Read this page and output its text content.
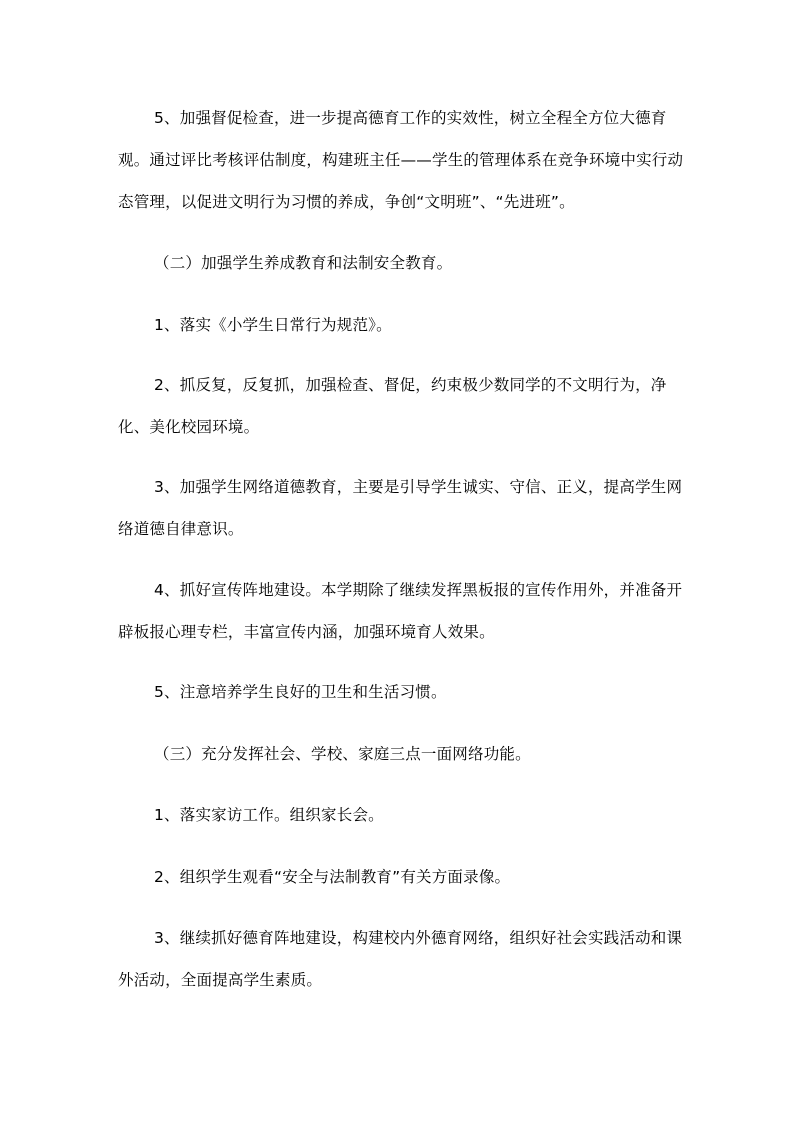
5、加强督促检查，进一步提高德育工作的实效性，树立全程全方位大德育观。通过评比考核评估制度，构建班主任——学生的管理体系在竞争环境中实行动态管理，以促进文明行为习惯的养成，争创“文明班”、“先进班”。

（二）加强学生养成教育和法制安全教育。

1、落实《小学生日常行为规范》。

2、抓反复，反复抓，加强检查、督促，约束极少数同学的不文明行为，净化、美化校园环境。

3、加强学生网络道德教育，主要是引导学生诚实、守信、正义，提高学生网络道德自律意识。

4、抓好宣传阵地建设。本学期除了继续发挥黑板报的宣传作用外，并准备开辟板报心理专栏，丰富宣传内涵，加强环境育人效果。

5、注意培养学生良好的卫生和生活习惯。

（三）充分发挥社会、学校、家庭三点一面网络功能。

1、落实家访工作。组织家长会。

2、组织学生观看“安全与法制教育”有关方面录像。

3、继续抓好德育阵地建设，构建校内外德育网络，组织好社会实践活动和课外活动，全面提高学生素质。
